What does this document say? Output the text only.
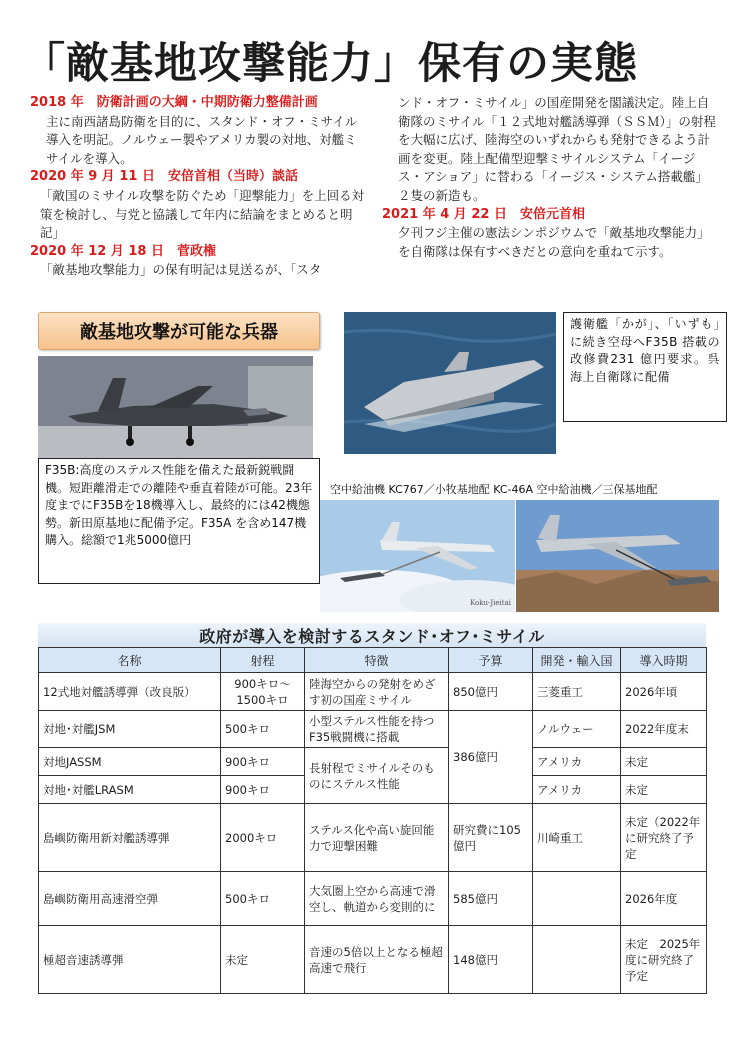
「敵基地攻撃能力」保有の実態
2018 年　防衛計画の大綱・中期防衛力整備計画
主に南西諸島防衛を目的に、スタンド・オフ・ミサイル導入を明記。ノルウェー製やアメリカ製の対地、対艦ミサイルを導入。
2020 年 9 月 11 日　安倍首相（当時）談話
「敵国のミサイル攻撃を防ぐため「迎撃能力」を上回る対策を検討し、与党と協議して年内に結論をまとめると明記」
2020 年 12 月 18 日　菅政権
「敵基地攻撃能力」の保有明記は見送るが、「スタ
ンド・オフ・ミサイル」の国産開発を閣議決定。陸上自衛隊のミサイル「１２式地対艦誘導弾（ＳＳＭ）」の射程を大幅に広げ、陸海空のいずれからも発射できるよう計画を変更。陸上配備型迎撃ミサイルシステム「イージス・アショア」に替わる「イージス・システム搭載艦」２隻の新造も。
2021 年 4 月 22 日　安倍元首相
夕刊フジ主催の憲法シンポジウムで「敵基地攻撃能力」を自衛隊は保有すべきだとの意向を重ねて示す。
敵基地攻撃が可能な兵器
F35B:高度のステルス性能を備えた最新鋭戦闘機。短距離滑走での離陸や垂直着陸が可能。23年度までにF35Bを18機導入し、最終的には42機態勢。新田原基地に配備予定。F35A を含め147機購入。総額で1兆5000億円
護衛艦「かが」、「いずも」に続き空母へF35B 搭載の改修費231 億円要求。呉海上自衛隊に配備
空中給油機 KC767／小牧基地配 KC-46A 空中給油機／三保基地配
Koku-Jieitai
政府が導入を検討するスタンド･オフ･ミサイル
名称	射程	特徴	予算	開発・輸入国	導入時期
12式地対艦誘導弾（改良版）	900キロ～　1500キロ	陸海空からの発射をめざす初の国産ミサイル	850億円	三菱重工	2026年頃
対地･対艦JSM	500キロ	小型ステルス性能を持つF35戦闘機に搭載	386億円	ノルウェー	2022年度末
対地JASSM	900キロ	長射程でミサイルそのものにステルス性能		アメリカ	未定
対地･対艦LRASM	900キロ			アメリカ	未定
島嶼防衛用新対艦誘導弾	2000キロ	ステルス化や高い旋回能力で迎撃困難	研究費に105億円	川崎重工	未定（2022年に研究終了予定
島嶼防衛用高速滑空弾	500キロ	大気圏上空から高速で滑空し、軌道から変則的に	585億円		2026年度
極超音速誘導弾	未定	音速の5倍以上となる極超高速で飛行	148億円		未定　2025年度に研究終了予定
